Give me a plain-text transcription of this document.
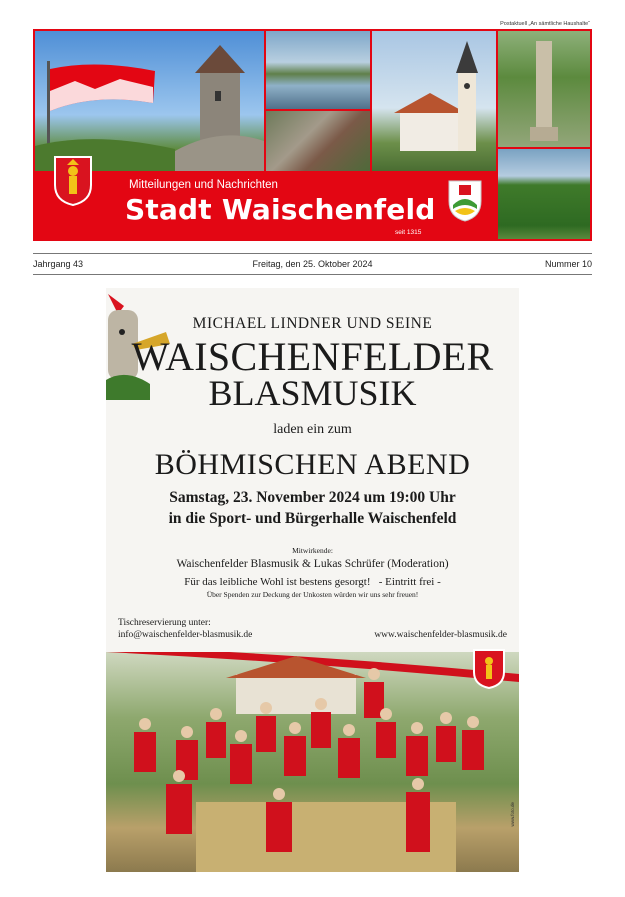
Postaktuell „An sämtliche Haushalte“
Mitteilungen und Nachrichten
Stadt Waischenfeld
seit 1315
Jahrgang 43	Freitag, den 25. Oktober 2024	Nummer 10
MICHAEL LINDNER UND SEINE
WAISCHENFELDER
BLASMUSIK
laden ein zum
BÖHMISCHEN ABEND
Samstag, 23. November 2024 um 19:00 Uhr
in die Sport- und Bürgerhalle Waischenfeld
Mitwirkende:
Waischenfelder Blasmusik & Lukas Schrüfer (Moderation)
Für das leibliche Wohl ist bestens gesorgt!   - Eintritt frei -
Über Spenden zur Deckung der Unkosten würden wir uns sehr freuen!
Tischreservierung unter:
info@waischenfelder-blasmusik.de	www.waischenfelder-blasmusik.de
www.foto.de
